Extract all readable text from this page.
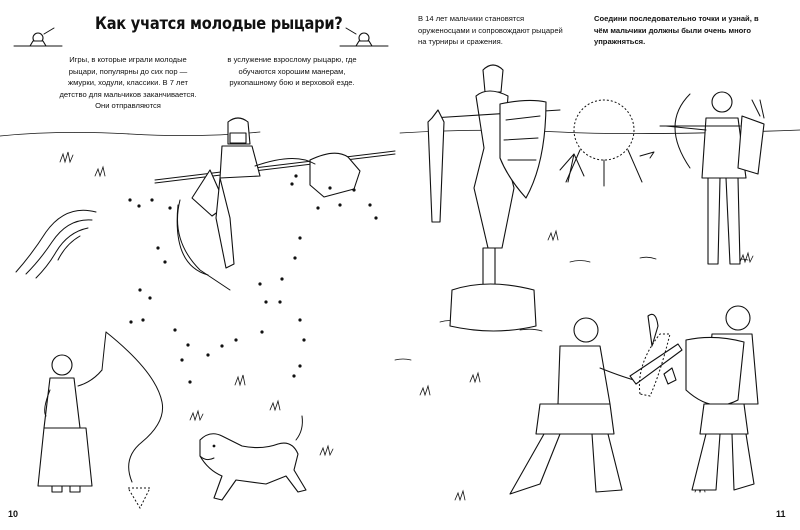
Как учатся молодые рыцари?
Игры, в которые играли молодые рыцари, популярны до сих пор — жмурки, ходули, классики. В 7 лет детство для мальчиков заканчивается. Они отправляются
в услужение взрослому рыцарю, где обучаются хорошим манерам, рукопашному бою и верховой езде.
В 14 лет мальчики становятся оруженосцами и сопровождают рыцарей на турниры и сражения.
Соедини последовательно точки и узнай, в чём мальчики должны были очень много упражняться.
10	11
